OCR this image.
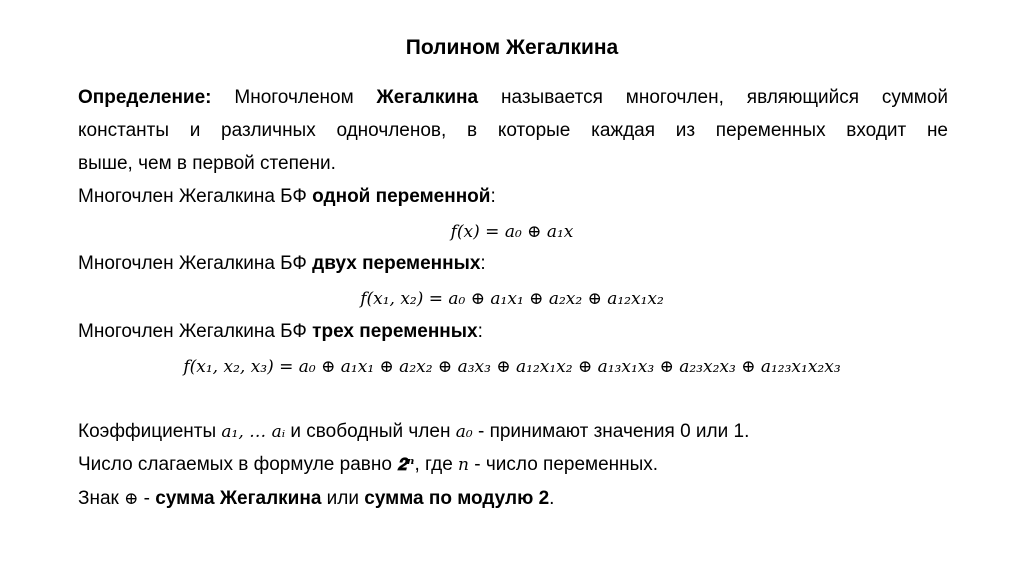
Полином Жегалкина
Определение: Многочленом Жегалкина называется многочлен, являющийся суммой
константы и различных одночленов, в которые каждая из переменных входит не
выше, чем в первой степени.
Многочлен Жегалкина БФ одной переменной:
𝑓(𝑥) = 𝑎₀ ⊕ 𝑎₁𝑥
Многочлен Жегалкина БФ двух переменных:
𝑓(𝑥₁, 𝑥₂) = 𝑎₀ ⊕ 𝑎₁𝑥₁ ⊕ 𝑎₂𝑥₂ ⊕ 𝑎₁₂𝑥₁𝑥₂
Многочлен Жегалкина БФ трех переменных:
𝑓(𝑥₁, 𝑥₂, 𝑥₃) = 𝑎₀ ⊕ 𝑎₁𝑥₁ ⊕ 𝑎₂𝑥₂ ⊕ 𝑎₃𝑥₃ ⊕ 𝑎₁₂𝑥₁𝑥₂ ⊕ 𝑎₁₃𝑥₁𝑥₃ ⊕ 𝑎₂₃𝑥₂𝑥₃ ⊕ 𝑎₁₂₃𝑥₁𝑥₂𝑥₃
Коэффициенты 𝑎₁, … 𝑎ᵢ и свободный член 𝑎₀ - принимают значения 0 или 1.
Число слагаемых в формуле равно 𝟐ⁿ, где 𝑛 - число переменных.
Знак ⊕ - сумма Жегалкина или сумма по модулю 2.
